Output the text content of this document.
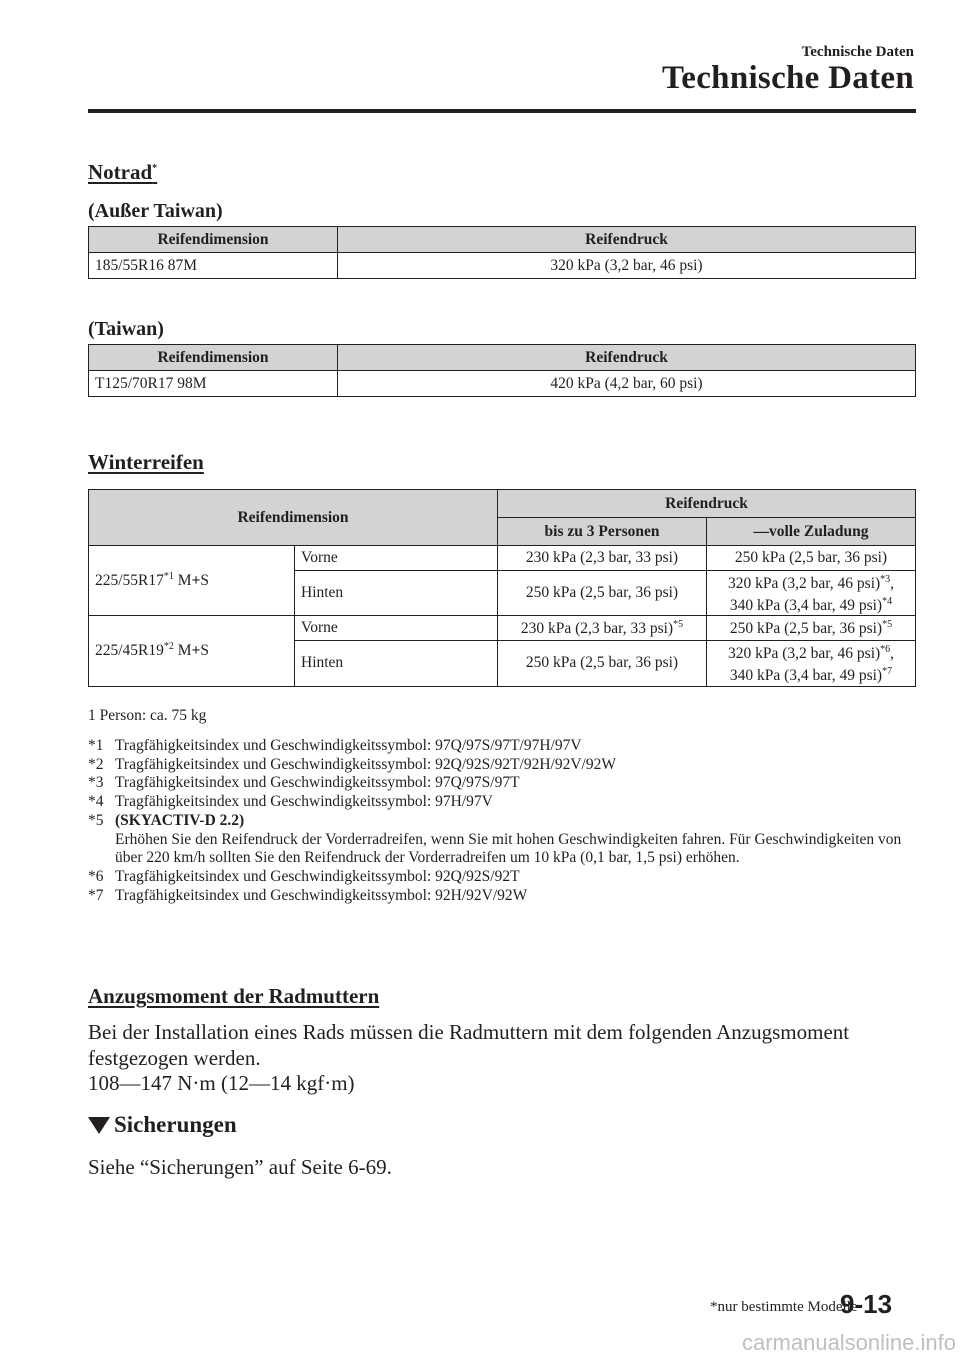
Technische Daten
Technische Daten
Notrad*
(Außer Taiwan)
Reifendimension	Reifendruck
185/55R16 87M	320 kPa (3,2 bar, 46 psi)
(Taiwan)
Reifendimension	Reifendruck
T125/70R17 98M	420 kPa (4,2 bar, 60 psi)
Winterreifen
Reifendimension		Reifendruck	
		bis zu 3 Personen	—volle Zuladung
225/55R17$^{*1}$ M+S	Vorne	230 kPa (2,3 bar, 33 psi)	250 kPa (2,5 bar, 36 psi)
	Hinten	250 kPa (2,5 bar, 36 psi)	320 kPa (3,2 bar, 46 psi)$^{*3}$,
340 kPa (3,4 bar, 49 psi)$^{*4}$
225/45R19$^{*2}$ M+S	Vorne	230 kPa (2,3 bar, 33 psi)$^{*5}$	250 kPa (2,5 bar, 36 psi)$^{*5}$
	Hinten	250 kPa (2,5 bar, 36 psi)	320 kPa (3,2 bar, 46 psi)$^{*6}$,
340 kPa (3,4 bar, 49 psi)$^{*7}$
1 Person: ca. 75 kg
*1 Tragfähigkeitsindex und Geschwindigkeitssymbol: 97Q/97S/97T/97H/97V
*2 Tragfähigkeitsindex und Geschwindigkeitssymbol: 92Q/92S/92T/92H/92V/92W
*3 Tragfähigkeitsindex und Geschwindigkeitssymbol: 97Q/97S/97T
*4 Tragfähigkeitsindex und Geschwindigkeitssymbol: 97H/97V
*5 (SKYACTIV-D 2.2)
Erhöhen Sie den Reifendruck der Vorderradreifen, wenn Sie mit hohen Geschwindigkeiten fahren. Für Geschwindigkeiten von über 220 km/h sollten Sie den Reifendruck der Vorderradreifen um 10 kPa (0,1 bar, 1,5 psi) erhöhen.
*6 Tragfähigkeitsindex und Geschwindigkeitssymbol: 92Q/92S/92T
*7 Tragfähigkeitsindex und Geschwindigkeitssymbol: 92H/92V/92W
Anzugsmoment der Radmuttern
Bei der Installation eines Rads müssen die Radmuttern mit dem folgenden Anzugsmoment festgezogen werden.
108—147 N·m (12—14 kgf·m)
Sicherungen
Siehe “Sicherungen” auf Seite 6-69.
*nur bestimmte Modelle
9-13
carmanualsonline.info
